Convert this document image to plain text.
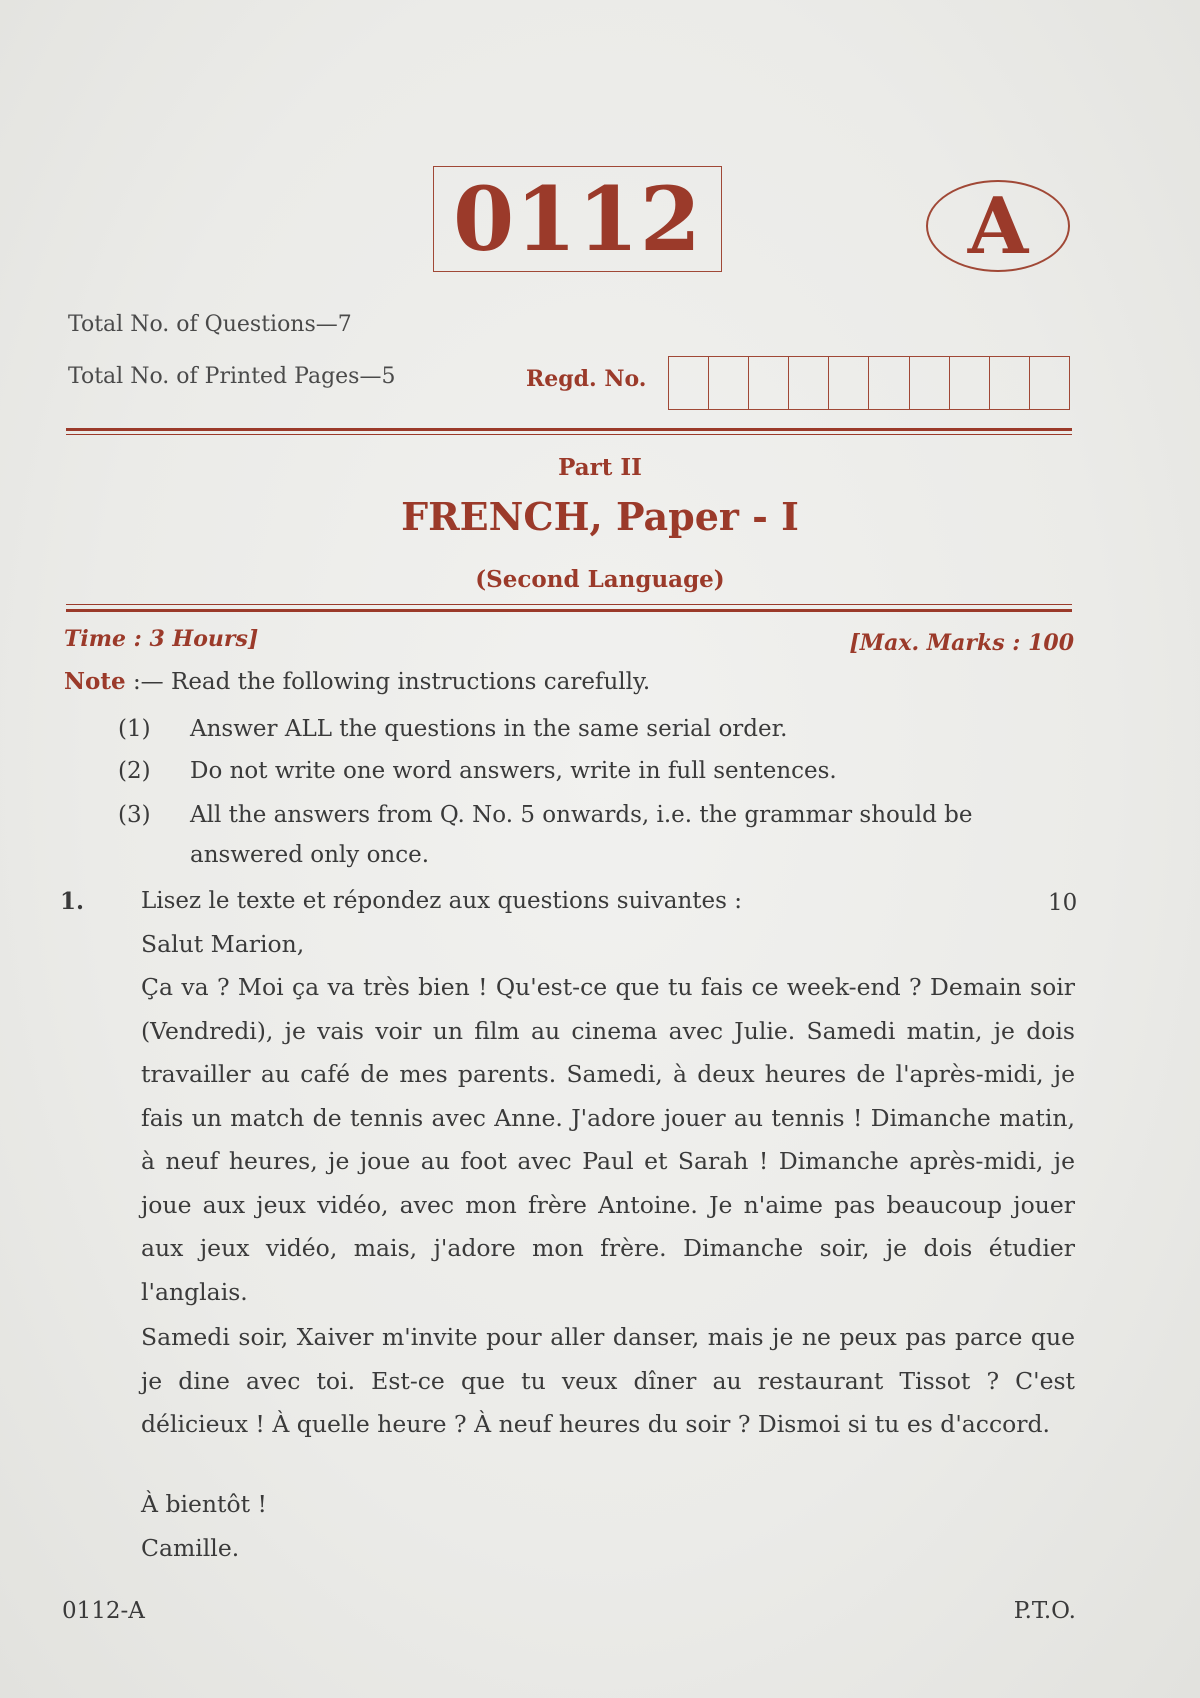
0112	A
Total No. of Questions—7
Total No. of Printed Pages—5	Regd. No.
Part II
FRENCH, Paper - I
(Second Language)
Time : 3 Hours]	[Max. Marks : 100
Note :— Read the following instructions carefully.
(1) Answer ALL the questions in the same serial order.
(2) Do not write one word answers, write in full sentences.
(3) All the answers from Q. No. 5 onwards, i.e. the grammar should be
answered only once.
1. Lisez le texte et répondez aux questions suivantes :	10
Salut Marion,
Ça va ? Moi ça va très bien ! Qu'est-ce que tu fais ce week-end ? Demain soir (Vendredi), je vais voir un film au cinema avec Julie. Samedi matin, je dois travailler au café de mes parents. Samedi, à deux heures de l'après-midi, je fais un match de tennis avec Anne. J'adore jouer au tennis ! Dimanche matin, à neuf heures, je joue au foot avec Paul et Sarah ! Dimanche après-midi, je joue aux jeux vidéo, avec mon frère Antoine. Je n'aime pas beaucoup jouer aux jeux vidéo, mais, j'adore mon frère. Dimanche soir, je dois étudier l'anglais.
Samedi soir, Xaiver m'invite pour aller danser, mais je ne peux pas parce que je dine avec toi. Est-ce que tu veux dîner au restaurant Tissot ? C'est délicieux ! À quelle heure ? À neuf heures du soir ? Dismoi si tu es d'accord.
À bientôt !
Camille.
0112-A	P.T.O.
